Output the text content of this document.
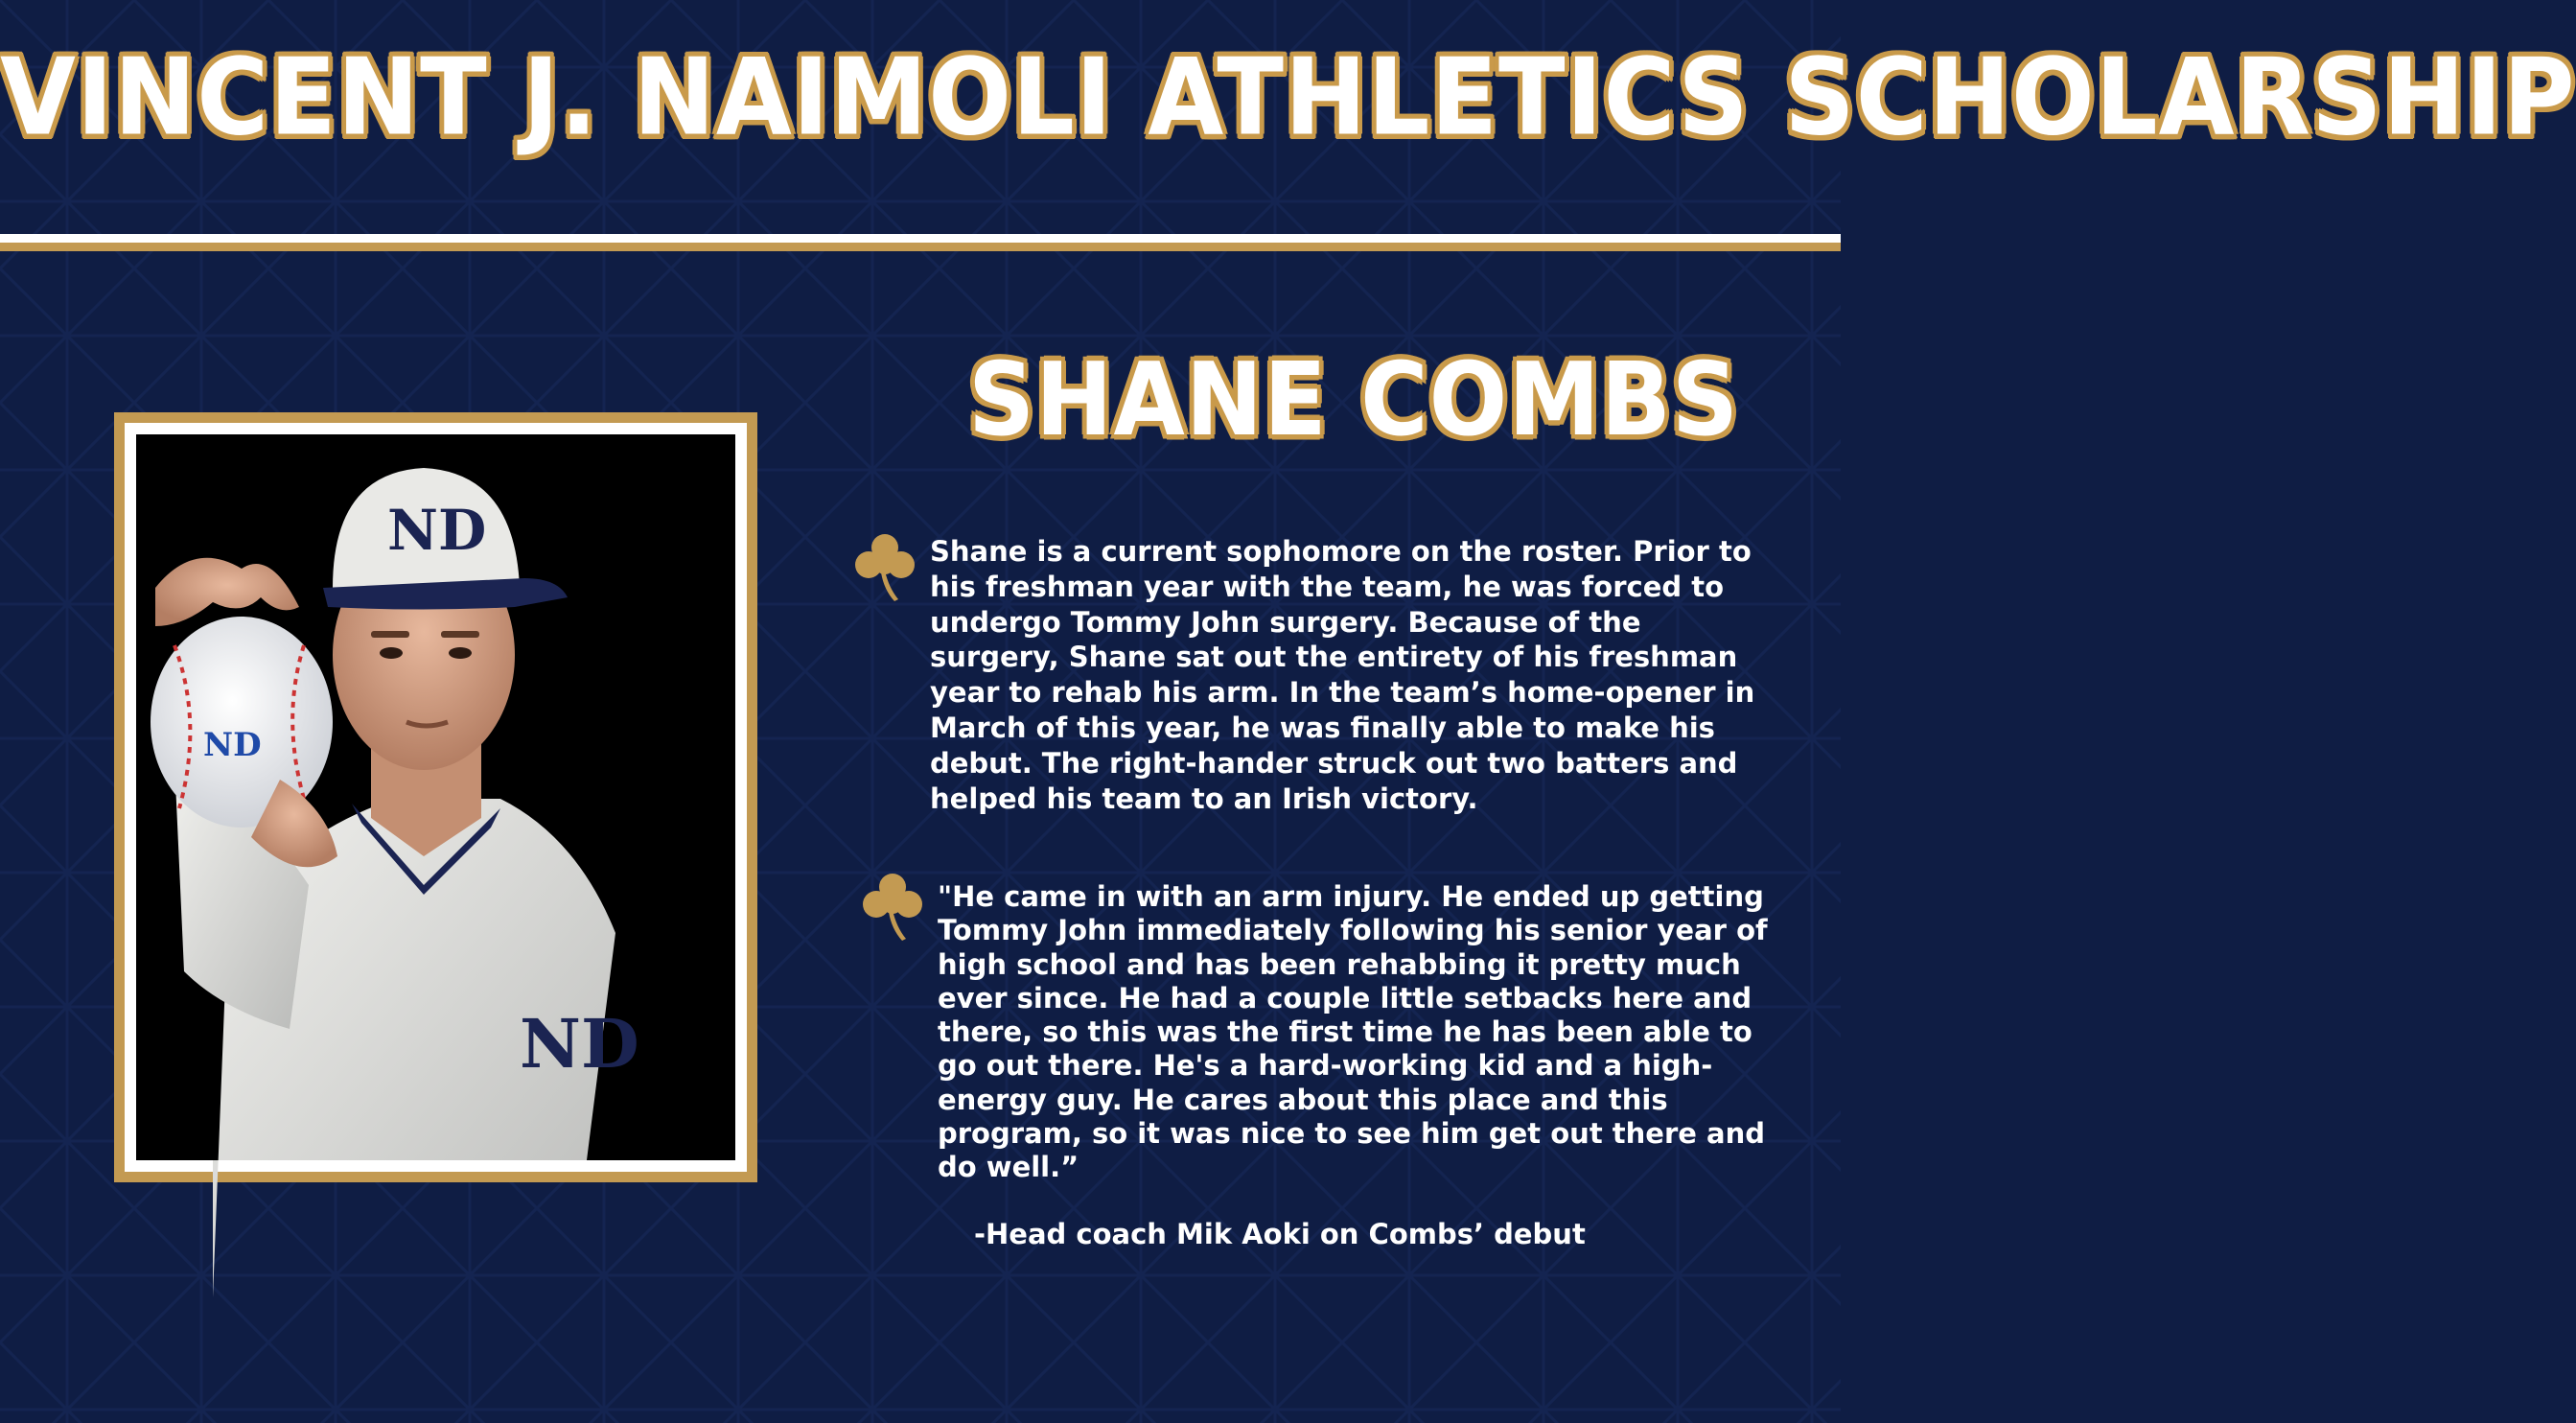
VINCENT J. NAIMOLI ATHLETICS SCHOLARSHIP
ND
ND
ND
SHANE COMBS
Shane is a current sophomore on the roster. Prior to his freshman year with the team, he was forced to undergo Tommy John surgery. Because of the surgery, Shane sat out the entirety of his freshman year to rehab his arm. In the team’s home-opener in March of this year, he was finally able to make his debut. The right-hander struck out two batters and helped his team to an Irish victory.
"He came in with an arm injury. He ended up getting Tommy John immediately following his senior year of high school and has been rehabbing it pretty much ever since. He had a couple little setbacks here and there, so this was the first time he has been able to go out there. He's a hard-working kid and a high-energy guy. He cares about this place and this program, so it was nice to see him get out there and do well.”
-Head coach Mik Aoki on Combs’ debut
